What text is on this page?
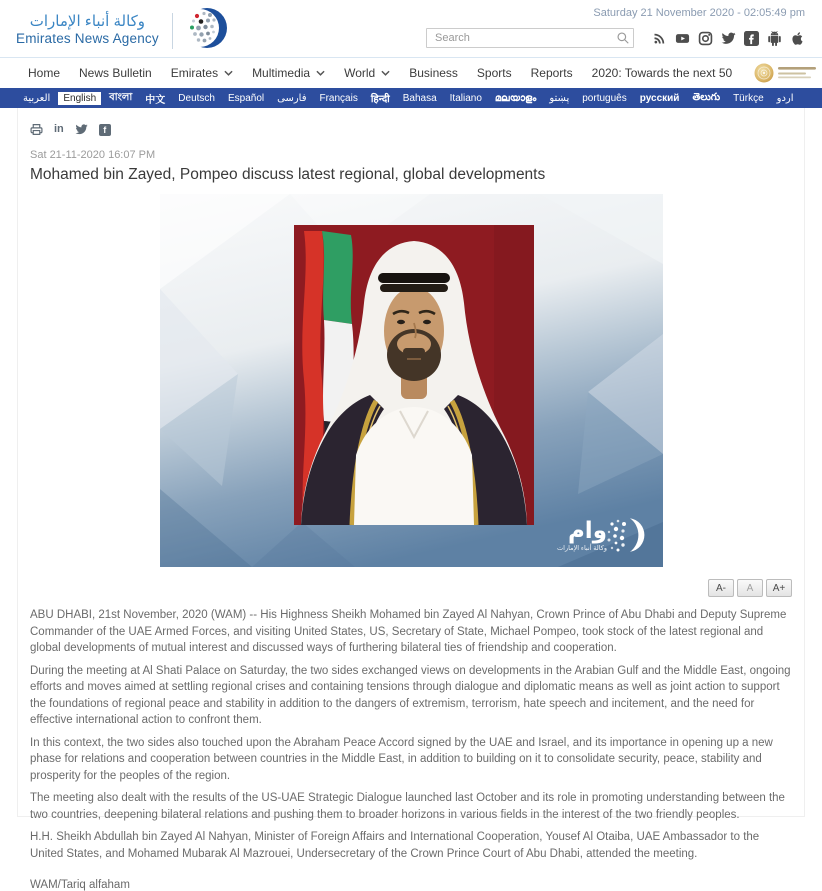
وكالة أنباء الإمارات
Emirates News Agency
Saturday 21 November 2020 - 02:05:49 pm
Search
Home News Bulletin Emirates	Multimedia	World	Business Sports Reports 2020: Towards the next 50
العربية	English	বাংলা	中文	Deutsch	Español	فارسی	Français	हिन्दी	Bahasa	Italiano	മലയാളം	پښتو	português	русский	తెలుగు	Türkçe	اردو
in	f
Sat 21-11-2020 16:07 PM
Mohamed bin Zayed, Pompeo discuss latest regional, global developments
وام
وكالة أنباء الإمارات
A-	A	A+

ABU DHABI, 21st November, 2020 (WAM) -- His Highness Sheikh Mohamed bin Zayed Al Nahyan, Crown Prince of Abu Dhabi and Deputy Supreme Commander of the UAE Armed Forces, and visiting United States, US, Secretary of State, Michael Pompeo, took stock of the latest regional and global developments of mutual interest and discussed ways of furthering bilateral ties of friendship and cooperation.

During the meeting at Al Shati Palace on Saturday, the two sides exchanged views on developments in the Arabian Gulf and the Middle East, ongoing efforts and moves aimed at settling regional crises and containing tensions through dialogue and diplomatic means as well as joint action to support the foundations of regional peace and stability in addition to the dangers of extremism, terrorism, hate speech and incitement, and the need for effective international action to confront them.

In this context, the two sides also touched upon the Abraham Peace Accord signed by the UAE and Israel, and its importance in opening up a new phase for relations and cooperation between countries in the Middle East, in addition to building on it to consolidate security, peace, stability and prosperity for the peoples of the region.

The meeting also dealt with the results of the US-UAE Strategic Dialogue launched last October and its role in promoting understanding between the two countries, deepening bilateral relations and pushing them to broader horizons in various fields in the interest of the two friendly peoples.

H.H. Sheikh Abdullah bin Zayed Al Nahyan, Minister of Foreign Affairs and International Cooperation, Yousef Al Otaiba, UAE Ambassador to the United States, and Mohamed Mubarak Al Mazrouei, Undersecretary of the Crown Prince Court of Abu Dhabi, attended the meeting.

WAM/Tariq alfaham
